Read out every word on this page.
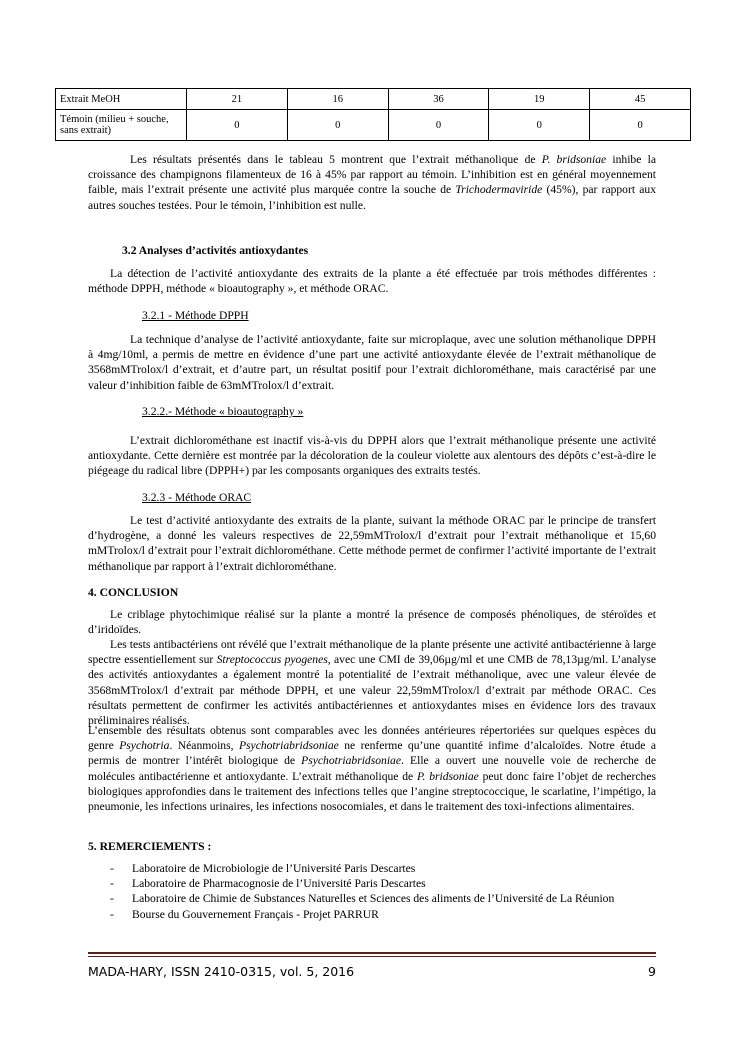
Extrait MeOH	21	16	36	19	45
Témoin (milieu + souche, sans extrait)	0	0	0	0	0

Les résultats présentés dans le tableau 5 montrent que l’extrait méthanolique de P. bridsoniae inhibe la croissance des champignons filamenteux de 16 à 45% par rapport au témoin. L’inhibition est en général moyennement faible, mais l’extrait présente une activité plus marquée contre la souche de Trichodermaviride (45%), par rapport aux autres souches testées. Pour le témoin, l’inhibition est nulle.

3.2 Analyses d’activités antioxydantes

La détection de l’activité antioxydante des extraits de la plante a été effectuée par trois méthodes différentes : méthode DPPH, méthode « bioautography », et méthode ORAC.

3.2.1 - Méthode DPPH

La technique d’analyse de l’activité antioxydante, faite sur microplaque, avec une solution méthanolique DPPH à 4mg/10ml, a permis de mettre en évidence d’une part une activité antioxydante élevée de l’extrait méthanolique de 3568mMTrolox/l d’extrait, et d’autre part, un résultat positif pour l’extrait dichlorométhane, mais caractérisé par une valeur d’inhibition faible de 63mMTrolox/l d’extrait.

3.2.2.- Méthode « bioautography »

L’extrait dichlorométhane est inactif vis-à-vis du DPPH alors que l’extrait méthanolique présente une activité antioxydante. Cette dernière est montrée par la décoloration de la couleur violette aux alentours des dépôts c’est-à-dire le piégeage du radical libre (DPPH+) par les composants organiques des extraits testés.

3.2.3 - Méthode ORAC

Le test d’activité antioxydante des extraits de la plante, suivant la méthode ORAC par le principe de transfert d’hydrogène, a donné les valeurs respectives de 22,59mMTrolox/l d’extrait pour l’extrait méthanolique et 15,60 mMTrolox/l d’extrait pour l’extrait dichlorométhane. Cette méthode permet de confirmer l’activité importante de l’extrait méthanolique par rapport à l’extrait dichlorométhane.

4. CONCLUSION

Le criblage phytochimique réalisé sur la plante a montré la présence de composés phénoliques, de stéroïdes et d’iridoïdes.

Les tests antibactériens ont révélé que l’extrait méthanolique de la plante présente une activité antibactérienne à large spectre essentiellement sur Streptococcus pyogenes, avec une CMI de 39,06µg/ml et une CMB de 78,13µg/ml. L’analyse des activités antioxydantes a également montré la potentialité de l’extrait méthanolique, avec une valeur élevée de 3568mMTrolox/l d’extrait par méthode DPPH, et une valeur 22,59mMTrolox/l d’extrait par méthode ORAC. Ces résultats permettent de confirmer les activités antibactériennes et antioxydantes mises en évidence lors des travaux préliminaires réalisés.

L’ensemble des résultats obtenus sont comparables avec les données antérieures répertoriées sur quelques espèces du genre Psychotria. Néanmoins, Psychotriabridsoniae ne renferme qu’une quantité infime d’alcaloïdes. Notre étude a permis de montrer l’intérêt biologique de Psychotriabridsoniae. Elle a ouvert une nouvelle voie de recherche de molécules antibactérienne et antioxydante. L’extrait méthanolique de P. bridsoniae peut donc faire l’objet de recherches biologiques approfondies dans le traitement des infections telles que l’angine streptococcique, le scarlatine, l’impétigo, la pneumonie, les infections urinaires, les infections nosocomiales, et dans le traitement des toxi-infections alimentaires.

5. REMERCIEMENTS :
- Laboratoire de Microbiologie de l’Université Paris Descartes
- Laboratoire de Pharmacognosie de l’Université Paris Descartes
- Laboratoire de Chimie de Substances Naturelles et Sciences des aliments de l’Université de La Réunion
- Bourse du Gouvernement Français - Projet PARRUR
MADA-HARY, ISSN 2410-0315, vol. 5, 2016	9
